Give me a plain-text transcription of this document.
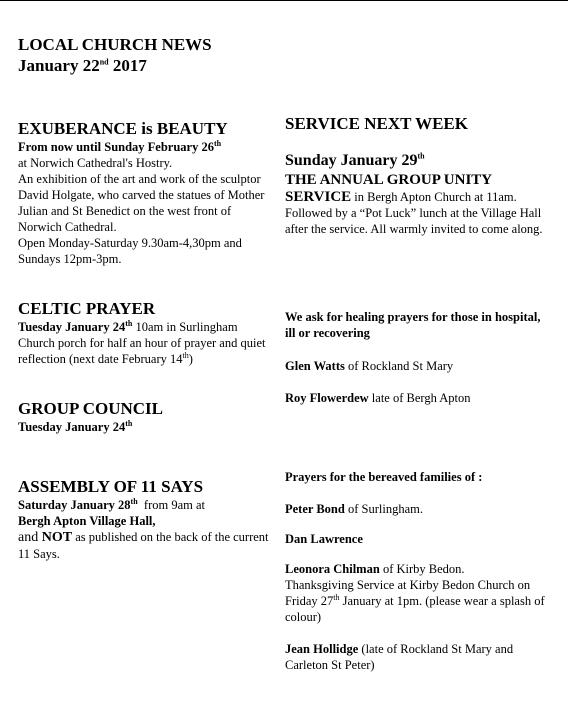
LOCAL CHURCH NEWS
January 22nd 2017
EXUBERANCE is BEAUTY

From now until Sunday February 26th

at Norwich Cathedral's Hostry.

An exhibition of the art and work of the sculptor David Holgate, who carved the statues of Mother Julian and St Benedict on the west front of Norwich Cathedral.

Open Monday-Saturday 9.30am-4,30pm and Sundays 12pm-3pm.

CELTIC PRAYER

Tuesday January 24th 10am in Surlingham Church porch for half an hour of prayer and quiet reflection (next date February 14th)

GROUP COUNCIL

Tuesday January 24th

ASSEMBLY OF 11 SAYS

Saturday January 28th  from 9am at

Bergh Apton Village Hall,

and NOT as published on the back of the current 11 Says.

SERVICE NEXT WEEK

Sunday January 29th

THE ANNUAL GROUP UNITY

SERVICE in Bergh Apton Church at 11am. Followed by a “Pot Luck” lunch at the Village Hall after the service. All warmly invited to come along.

We ask for healing prayers for those in hospital, ill or recovering

Glen Watts of Rockland St Mary

Roy Flowerdew late of Bergh Apton

Prayers for the bereaved families of :

Peter Bond of Surlingham.

Dan Lawrence

Leonora Chilman of Kirby Bedon.

Thanksgiving Service at Kirby Bedon Church on Friday 27th January at 1pm. (please wear a splash of colour)

Jean Hollidge (late of Rockland St Mary and Carleton St Peter)
